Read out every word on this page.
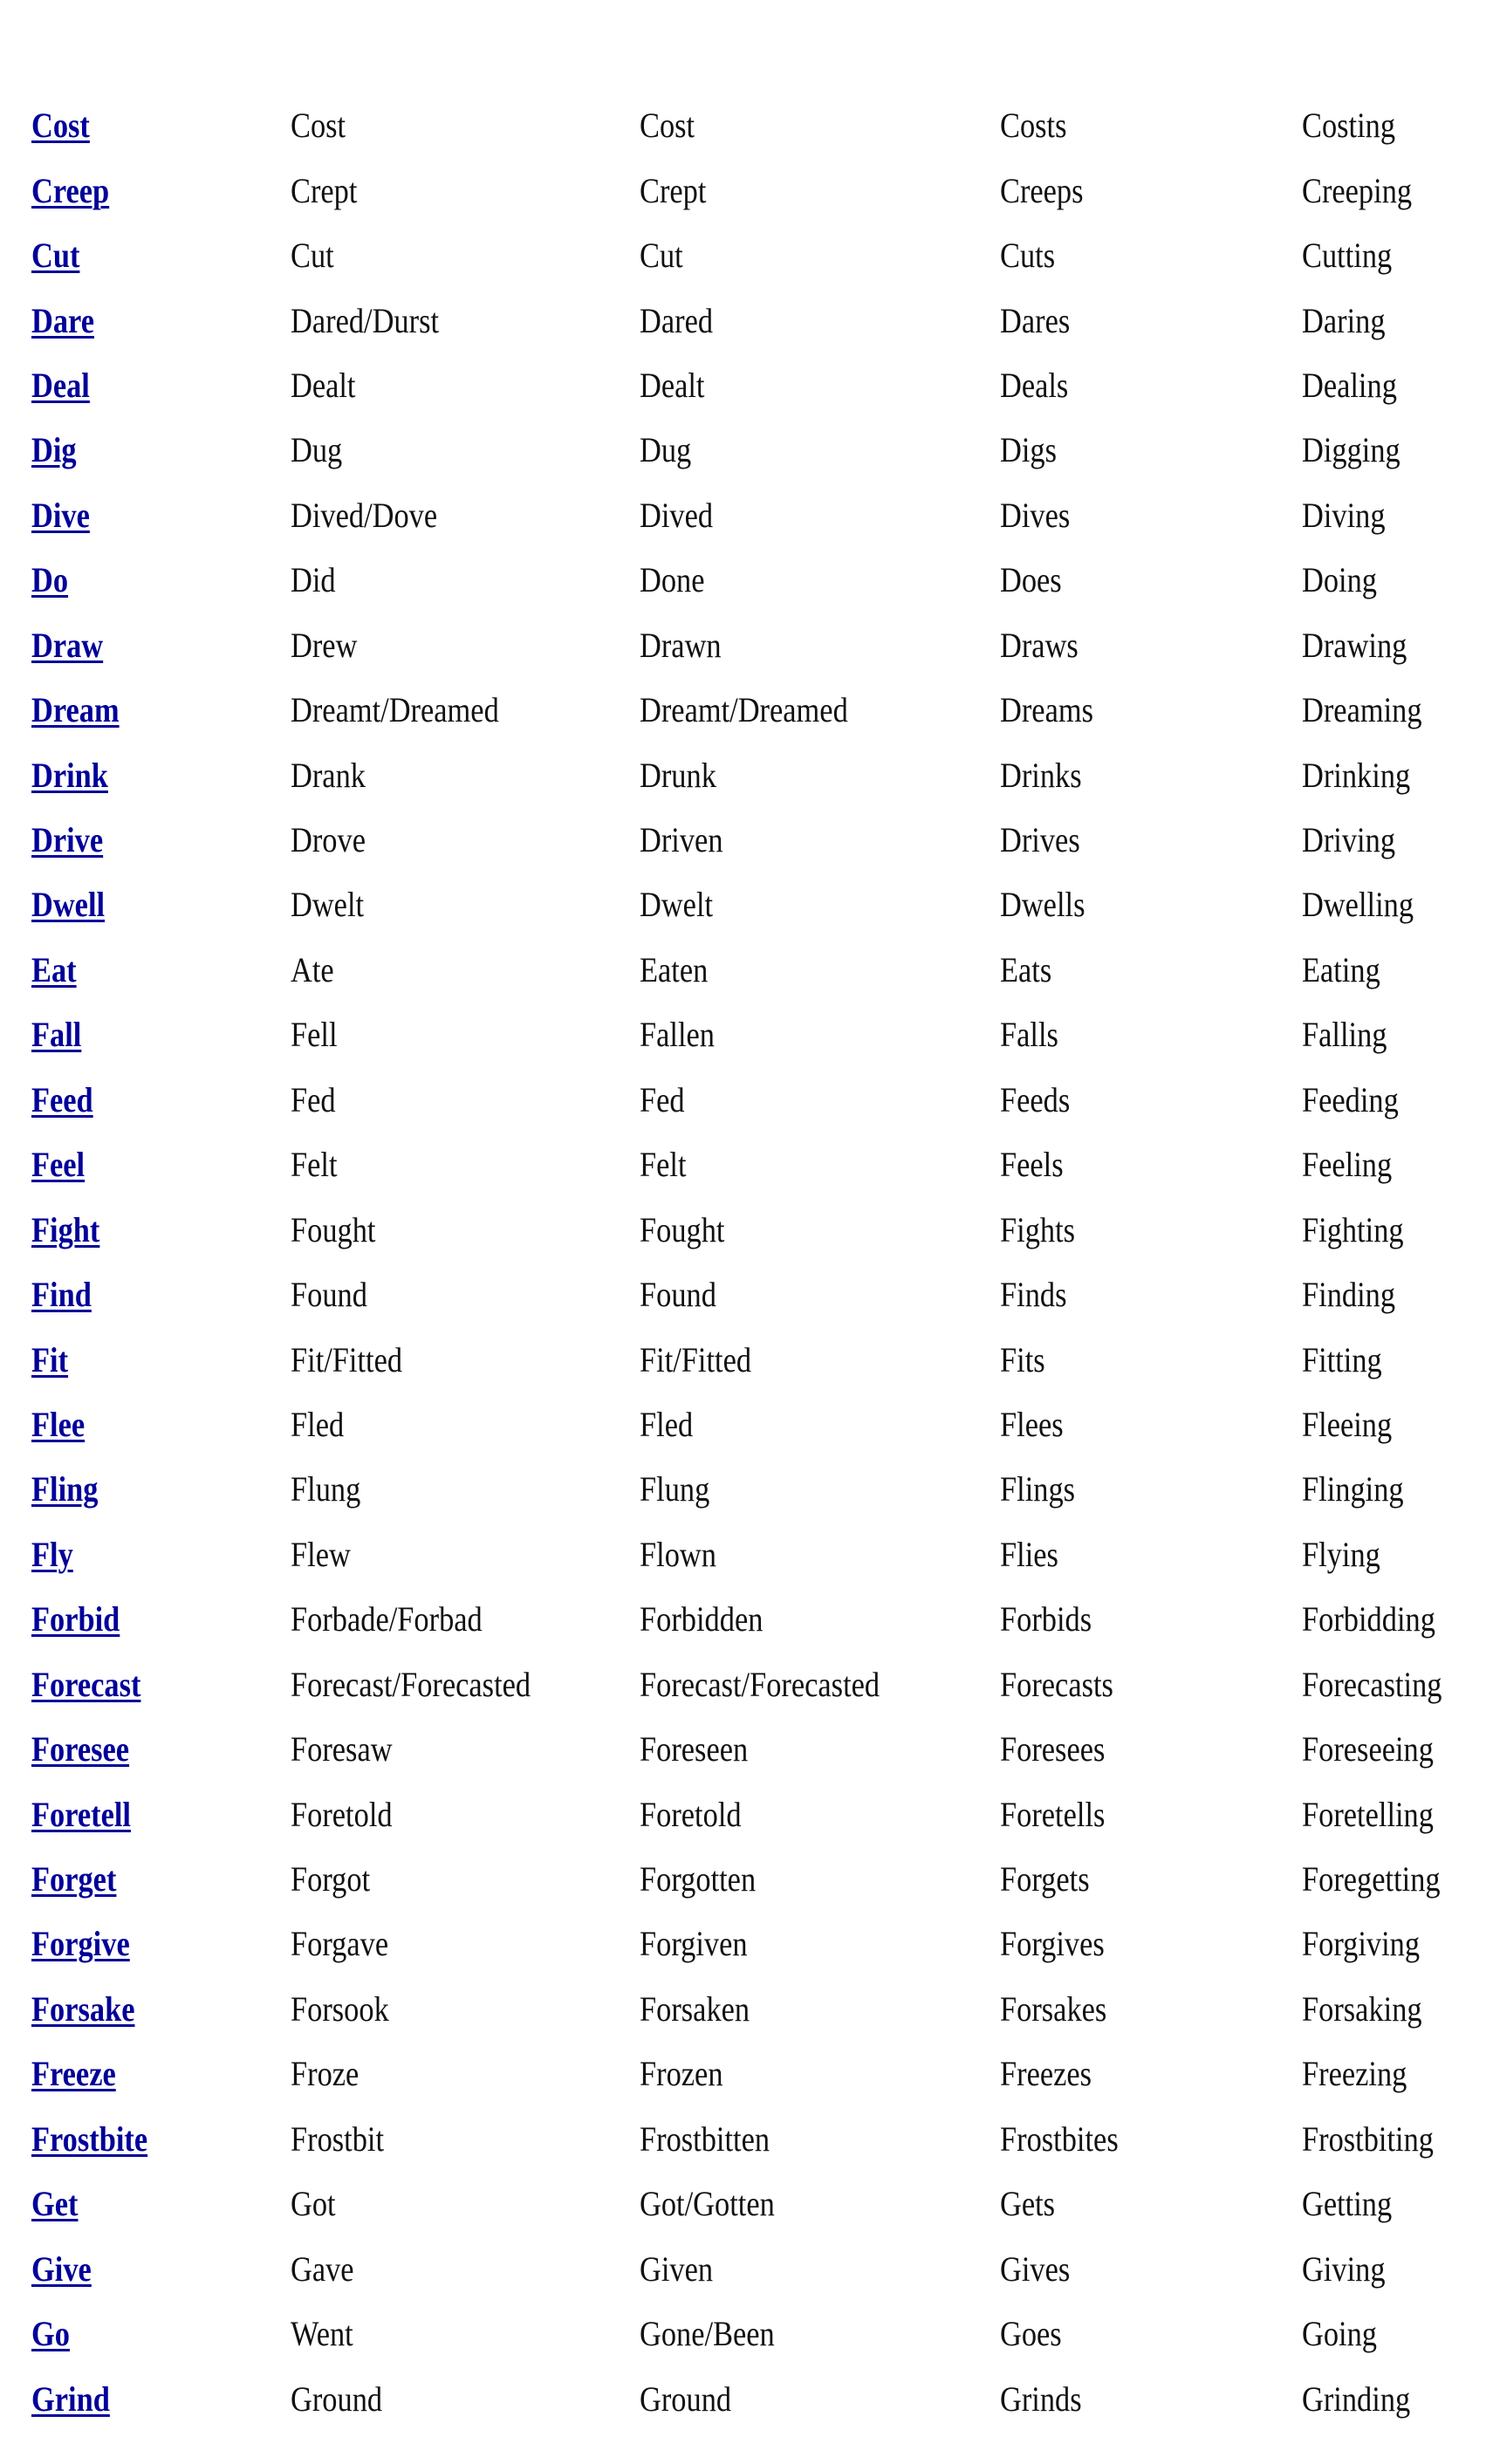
Cost	Cost	Cost	Costs	Costing
Creep	Crept	Crept	Creeps	Creeping
Cut	Cut	Cut	Cuts	Cutting
Dare	Dared/Durst	Dared	Dares	Daring
Deal	Dealt	Dealt	Deals	Dealing
Dig	Dug	Dug	Digs	Digging
Dive	Dived/Dove	Dived	Dives	Diving
Do	Did	Done	Does	Doing
Draw	Drew	Drawn	Draws	Drawing
Dream	Dreamt/Dreamed	Dreamt/Dreamed	Dreams	Dreaming
Drink	Drank	Drunk	Drinks	Drinking
Drive	Drove	Driven	Drives	Driving
Dwell	Dwelt	Dwelt	Dwells	Dwelling
Eat	Ate	Eaten	Eats	Eating
Fall	Fell	Fallen	Falls	Falling
Feed	Fed	Fed	Feeds	Feeding
Feel	Felt	Felt	Feels	Feeling
Fight	Fought	Fought	Fights	Fighting
Find	Found	Found	Finds	Finding
Fit	Fit/Fitted	Fit/Fitted	Fits	Fitting
Flee	Fled	Fled	Flees	Fleeing
Fling	Flung	Flung	Flings	Flinging
Fly	Flew	Flown	Flies	Flying
Forbid	Forbade/Forbad	Forbidden	Forbids	Forbidding
Forecast	Forecast/Forecasted	Forecast/Forecasted	Forecasts	Forecasting
Foresee	Foresaw	Foreseen	Foresees	Foreseeing
Foretell	Foretold	Foretold	Foretells	Foretelling
Forget	Forgot	Forgotten	Forgets	Foregetting
Forgive	Forgave	Forgiven	Forgives	Forgiving
Forsake	Forsook	Forsaken	Forsakes	Forsaking
Freeze	Froze	Frozen	Freezes	Freezing
Frostbite	Frostbit	Frostbitten	Frostbites	Frostbiting
Get	Got	Got/Gotten	Gets	Getting
Give	Gave	Given	Gives	Giving
Go	Went	Gone/Been	Goes	Going
Grind	Ground	Ground	Grinds	Grinding
